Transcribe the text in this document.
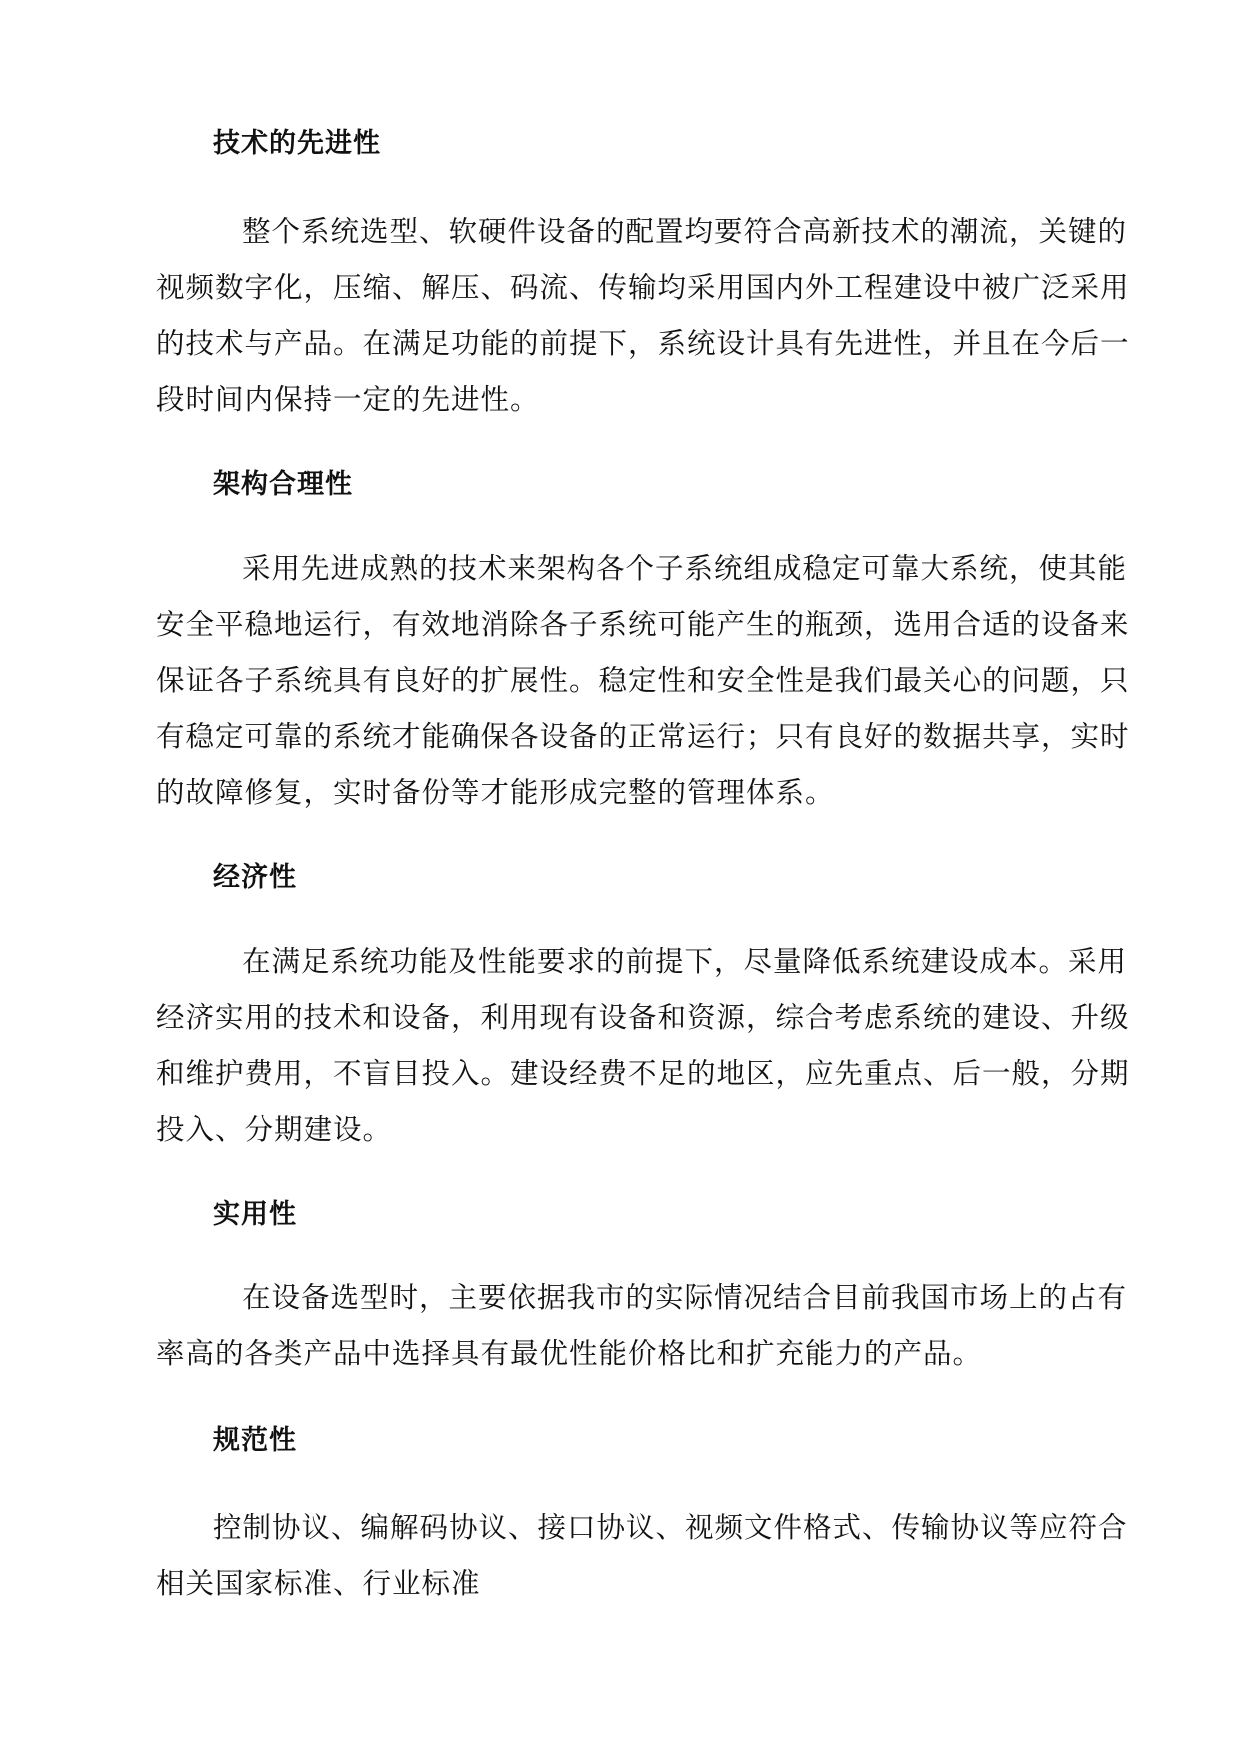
技术的先进性
整个系统选型、软硬件设备的配置均要符合高新技术的潮流，关键的
视频数字化，压缩、解压、码流、传输均采用国内外工程建设中被广泛采用
的技术与产品。在满足功能的前提下，系统设计具有先进性，并且在今后一
段时间内保持一定的先进性。
架构合理性
采用先进成熟的技术来架构各个子系统组成稳定可靠大系统，使其能
安全平稳地运行，有效地消除各子系统可能产生的瓶颈，选用合适的设备来
保证各子系统具有良好的扩展性。稳定性和安全性是我们最关心的问题，只
有稳定可靠的系统才能确保各设备的正常运行；只有良好的数据共享，实时
的故障修复，实时备份等才能形成完整的管理体系。
经济性
在满足系统功能及性能要求的前提下，尽量降低系统建设成本。采用
经济实用的技术和设备，利用现有设备和资源，综合考虑系统的建设、升级
和维护费用，不盲目投入。建设经费不足的地区，应先重点、后一般，分期
投入、分期建设。
实用性
在设备选型时，主要依据我市的实际情况结合目前我国市场上的占有
率高的各类产品中选择具有最优性能价格比和扩充能力的产品。
规范性
控制协议、编解码协议、接口协议、视频文件格式、传输协议等应符合
相关国家标准、行业标准
